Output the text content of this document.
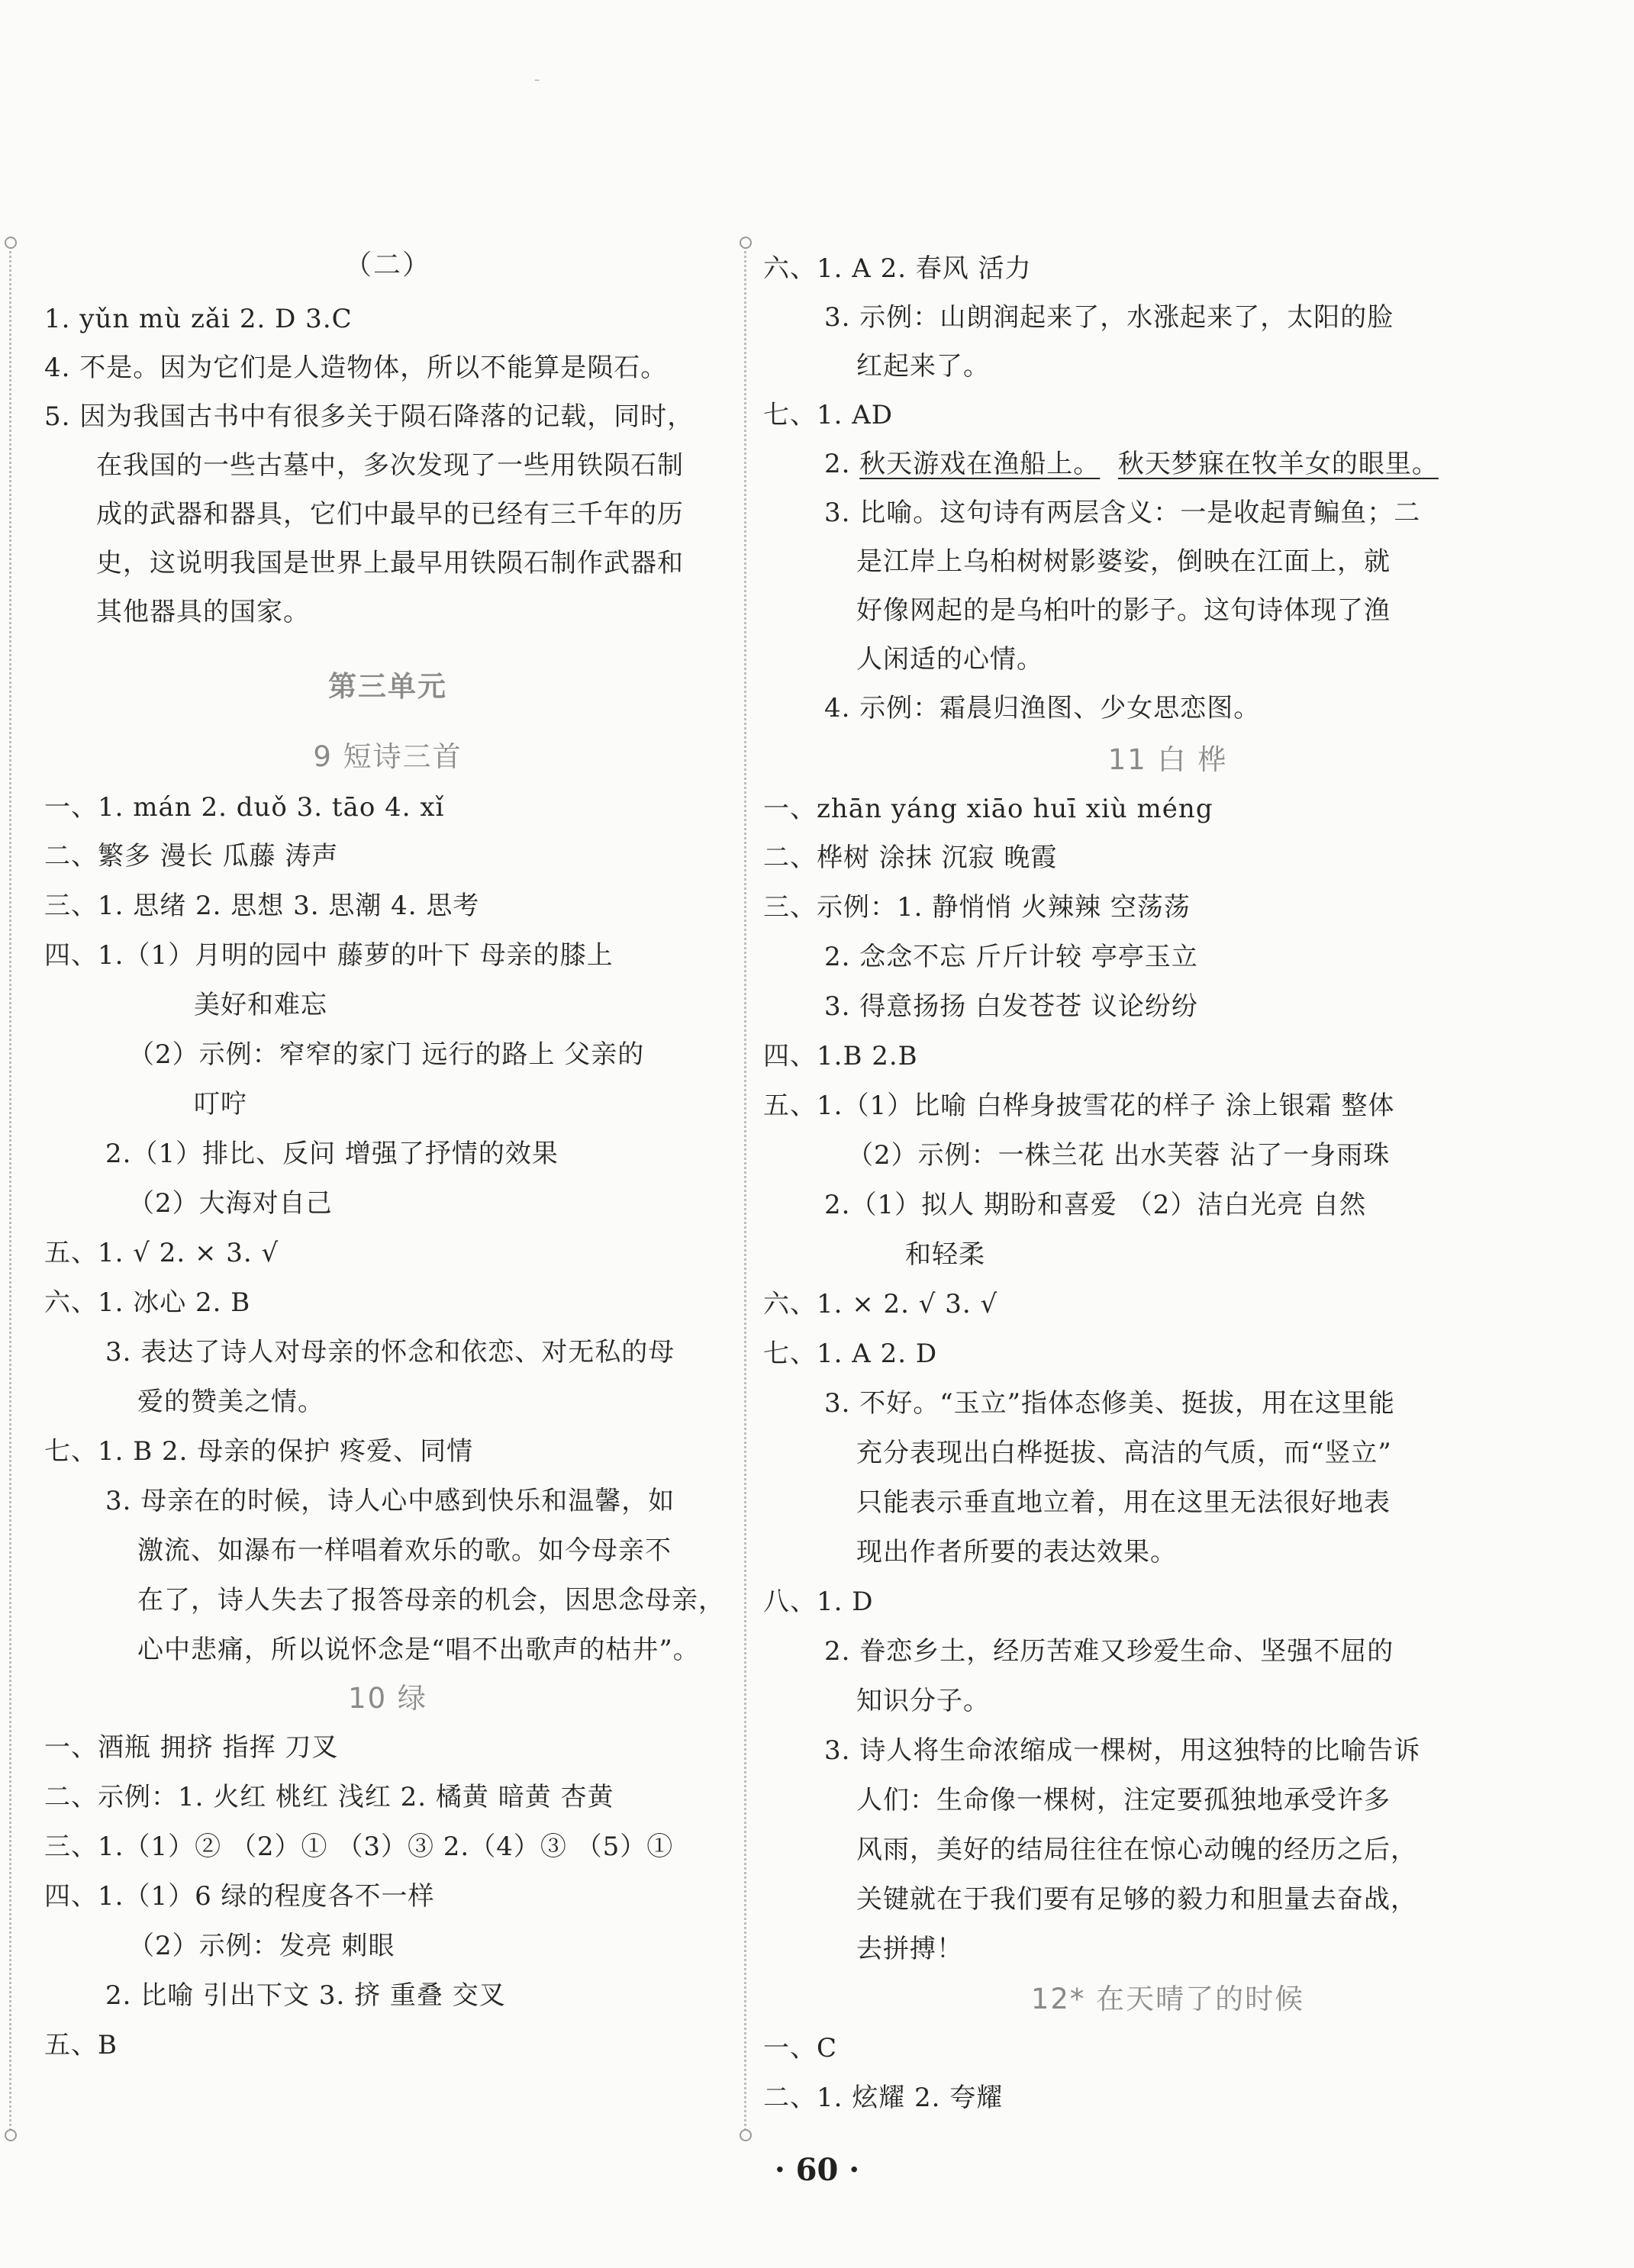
-
（二）
1. yǔn mù zǎi 2. D 3.C
4. 不是。因为它们是人造物体，所以不能算是陨石。
5. 因为我国古书中有很多关于陨石降落的记载，同时，
在我国的一些古墓中，多次发现了一些用铁陨石制
成的武器和器具，它们中最早的已经有三千年的历
史，这说明我国是世界上最早用铁陨石制作武器和
其他器具的国家。
第三单元
9 短诗三首
一、1. mán 2. duǒ 3. tāo 4. xǐ
二、繁多 漫长 瓜藤 涛声
三、1. 思绪 2. 思想 3. 思潮 4. 思考
四、1.（1）月明的园中 藤萝的叶下 母亲的膝上
美好和难忘
（2）示例：窄窄的家门 远行的路上 父亲的
叮咛
2.（1）排比、反问 增强了抒情的效果
（2）大海对自己
五、1. √ 2. × 3. √
六、1. 冰心 2. B
3. 表达了诗人对母亲的怀念和依恋、对无私的母
爱的赞美之情。
七、1. B 2. 母亲的保护 疼爱、同情
3. 母亲在的时候，诗人心中感到快乐和温馨，如
激流、如瀑布一样唱着欢乐的歌。如今母亲不
在了，诗人失去了报答母亲的机会，因思念母亲，
心中悲痛，所以说怀念是“唱不出歌声的枯井”。
10 绿
一、酒瓶 拥挤 指挥 刀叉
二、示例：1. 火红 桃红 浅红 2. 橘黄 暗黄 杏黄
三、1.（1）② （2）① （3）③ 2.（4）③ （5）①
四、1.（1）6 绿的程度各不一样
（2）示例：发亮 刺眼
2. 比喻 引出下文 3. 挤 重叠 交叉
五、B
六、1. A 2. 春风 活力
3. 示例：山朗润起来了，水涨起来了，太阳的脸
红起来了。
七、1. AD
2. 秋天游戏在渔船上。 秋天梦寐在牧羊女的眼里。
3. 比喻。这句诗有两层含义：一是收起青鳊鱼；二
是江岸上乌桕树树影婆娑，倒映在江面上，就
好像网起的是乌桕叶的影子。这句诗体现了渔
人闲适的心情。
4. 示例：霜晨归渔图、少女思恋图。
11 白 桦
一、zhān yáng xiāo huī xiù méng
二、桦树 涂抹 沉寂 晚霞
三、示例：1. 静悄悄 火辣辣 空荡荡
2. 念念不忘 斤斤计较 亭亭玉立
3. 得意扬扬 白发苍苍 议论纷纷
四、1.B 2.B
五、1.（1）比喻 白桦身披雪花的样子 涂上银霜 整体
（2）示例：一株兰花 出水芙蓉 沾了一身雨珠
2.（1）拟人 期盼和喜爱 （2）洁白光亮 自然
和轻柔
六、1. × 2. √ 3. √
七、1. A 2. D
3. 不好。“玉立”指体态修美、挺拔，用在这里能
充分表现出白桦挺拔、高洁的气质，而“竖立”
只能表示垂直地立着，用在这里无法很好地表
现出作者所要的表达效果。
八、1. D
2. 眷恋乡土，经历苦难又珍爱生命、坚强不屈的
知识分子。
3. 诗人将生命浓缩成一棵树，用这独特的比喻告诉
人们：生命像一棵树，注定要孤独地承受许多
风雨，美好的结局往往在惊心动魄的经历之后，
关键就在于我们要有足够的毅力和胆量去奋战，
去拼搏！
12* 在天晴了的时候
一、C
二、1. 炫耀 2. 夸耀
· 60 ·
